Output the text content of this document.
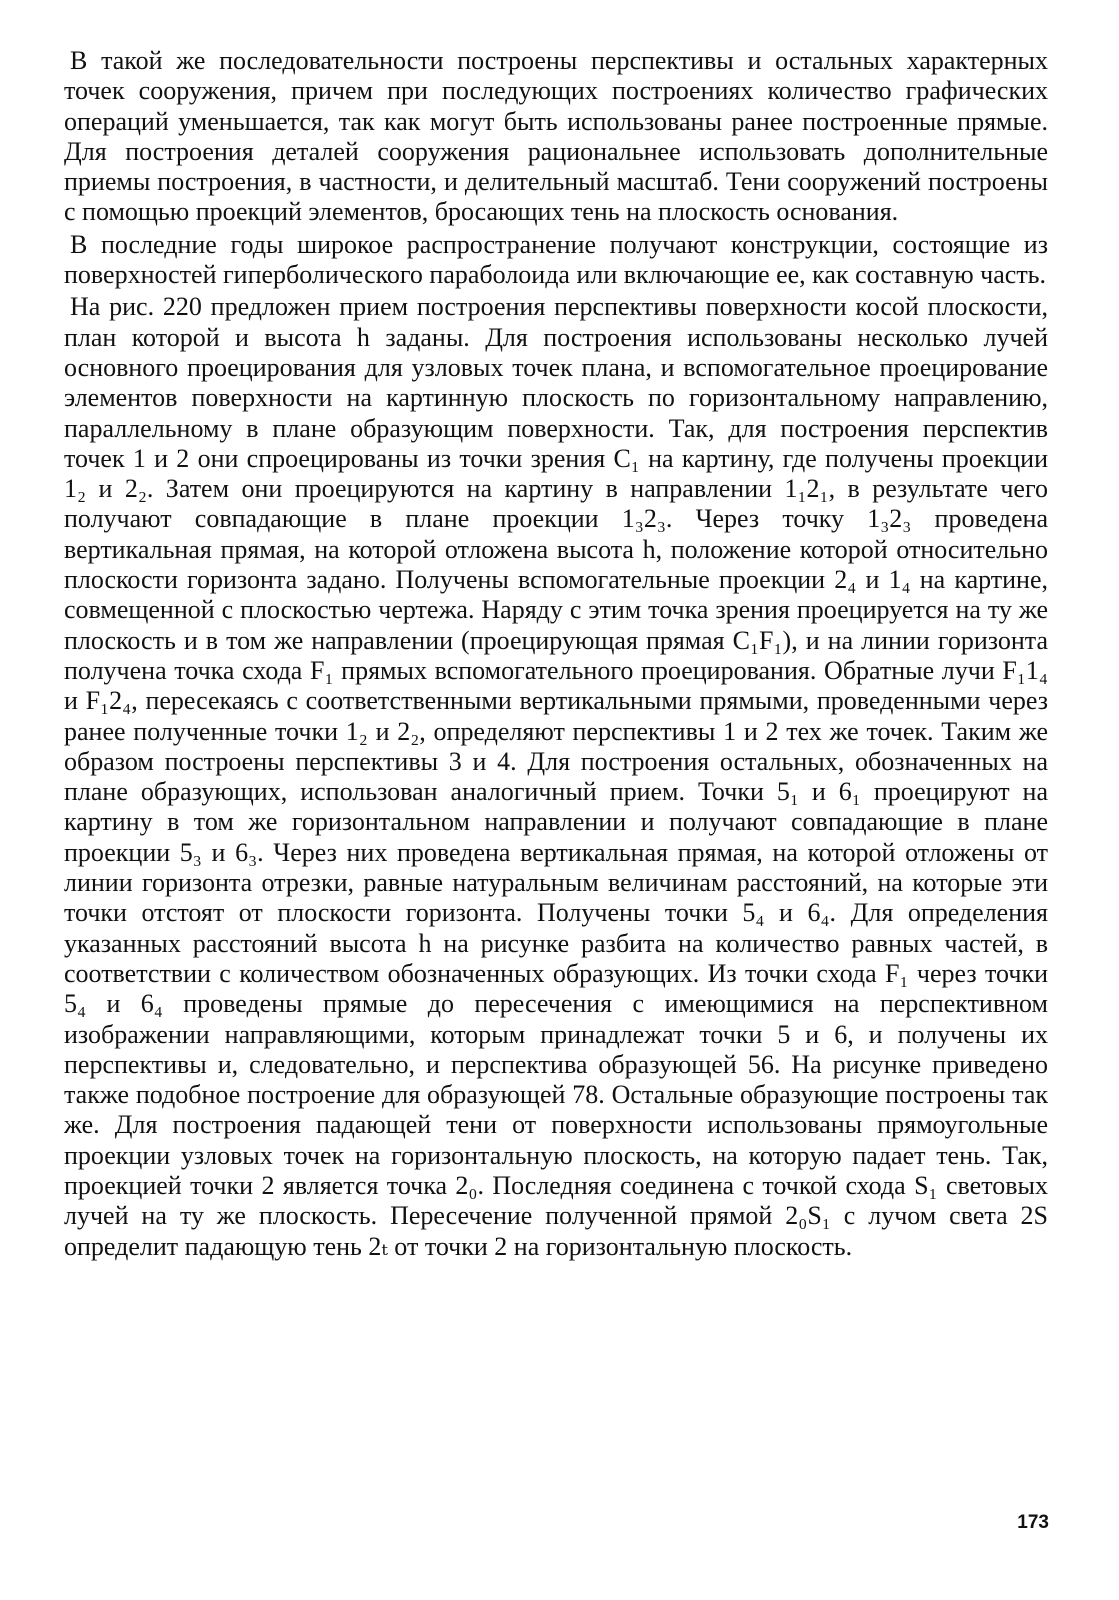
В такой же последовательности построены перспективы и остальных характерных точек сооружения, причем при последующих построениях количество графических операций уменьшается, так как могут быть использованы ранее построенные прямые. Для построения деталей сооружения рациональнее использовать дополнительные приемы построения, в частности, и делительный масштаб. Тени сооружений построены с помощью проекций элементов, бросающих тень на плоскость основания.

В последние годы широкое распространение получают конструкции, состоящие из поверхностей гиперболического параболоида или включающие ее, как составную часть.

На рис. 220 предложен прием построения перспективы поверхности косой плоскости, план которой и высота h заданы. Для построения использованы несколько лучей основного проецирования для узловых точек плана, и вспомогательное проецирование элементов поверхности на картинную плоскость по горизонтальному направлению, параллельному в плане образующим поверхности. Так, для построения перспектив точек 1 и 2 они спроецированы из точки зрения C₁ на картину, где получены проекции 1₂ и 2₂. Затем они проецируются на картину в направлении 1₁2₁, в результате чего получают совпадающие в плане проекции 1₃2₃. Через точку 1₃2₃ проведена вертикальная прямая, на которой отложена высота h, положение которой относительно плоскости горизонта задано. Получены вспомогательные проекции 2₄ и 1₄ на картине, совмещенной с плоскостью чертежа. Наряду с этим точка зрения проецируется на ту же плоскость и в том же направлении (проецирующая прямая C₁F₁), и на линии горизонта получена точка схода F₁ прямых вспомогательного проецирования. Обратные лучи F₁1₄ и F₁2₄, пересекаясь с соответственными вертикальными прямыми, проведенными через ранее полученные точки 1₂ и 2₂, определяют перспективы 1 и 2 тех же точек. Таким же образом построены перспективы 3 и 4. Для построения остальных, обозначенных на плане образующих, использован аналогичный прием. Точки 5₁ и 6₁ проецируют на картину в том же горизонтальном направлении и получают совпадающие в плане проекции 5₃ и 6₃. Через них проведена вертикальная прямая, на которой отложены от линии горизонта отрезки, равные натуральным величинам расстояний, на которые эти точки отстоят от плоскости горизонта. Получены точки 5₄ и 6₄. Для определения указанных расстояний высота h на рисунке разбита на количество равных частей, в соответствии с количеством обозначенных образующих. Из точки схода F₁ через точки 5₄ и 6₄ проведены прямые до пересечения с имеющимися на перспективном изображении направляющими, которым принадлежат точки 5 и 6, и получены их перспективы и, следовательно, и перспектива образующей 56. На рисунке приведено также подобное построение для образующей 78. Остальные образующие построены так же. Для построения падающей тени от поверхности использованы прямоугольные проекции узловых точек на горизонтальную плоскость, на которую падает тень. Так, проекцией точки 2 является точка 2₀. Последняя соединена с точкой схода S₁ световых лучей на ту же плоскость. Пересечение полученной прямой 2₀S₁ с лучом света 2S определит падающую тень 2ₜ от точки 2 на горизонтальную плоскость.

173
